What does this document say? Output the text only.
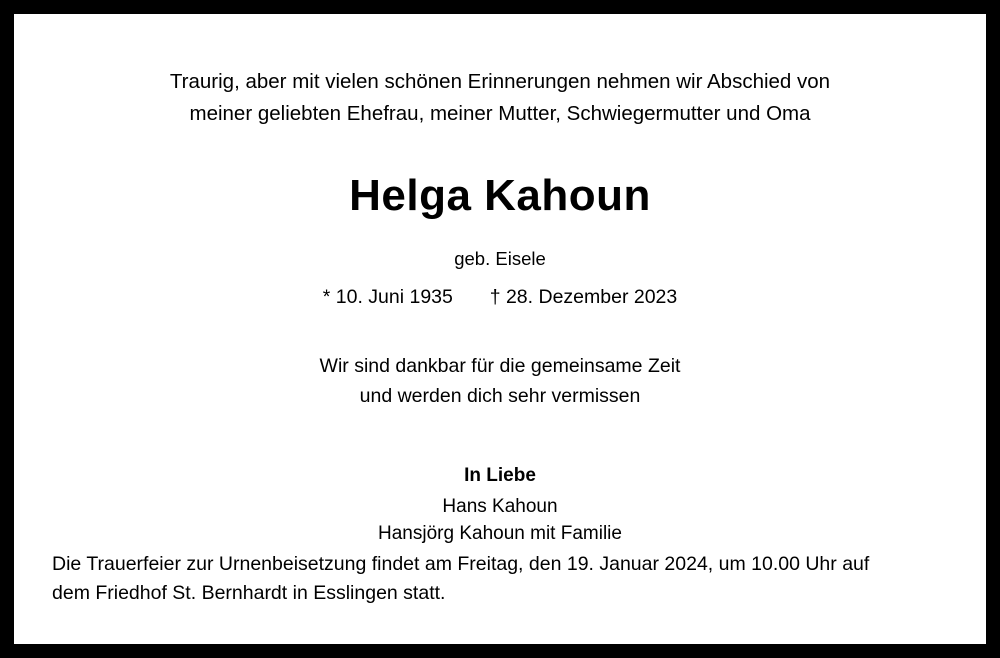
Traurig, aber mit vielen schönen Erinnerungen nehmen wir Abschied von
meiner geliebten Ehefrau, meiner Mutter, Schwiegermutter und Oma
Helga Kahoun
geb. Eisele
* 10. Juni 1935 † 28. Dezember 2023
Wir sind dankbar für die gemeinsame Zeit
und werden dich sehr vermissen
In Liebe
Hans Kahoun
Hansjörg Kahoun mit Familie
Die Trauerfeier zur Urnenbeisetzung findet am Freitag, den 19. Januar 2024, um 10.00 Uhr auf
dem Friedhof St. Bernhardt in Esslingen statt.
